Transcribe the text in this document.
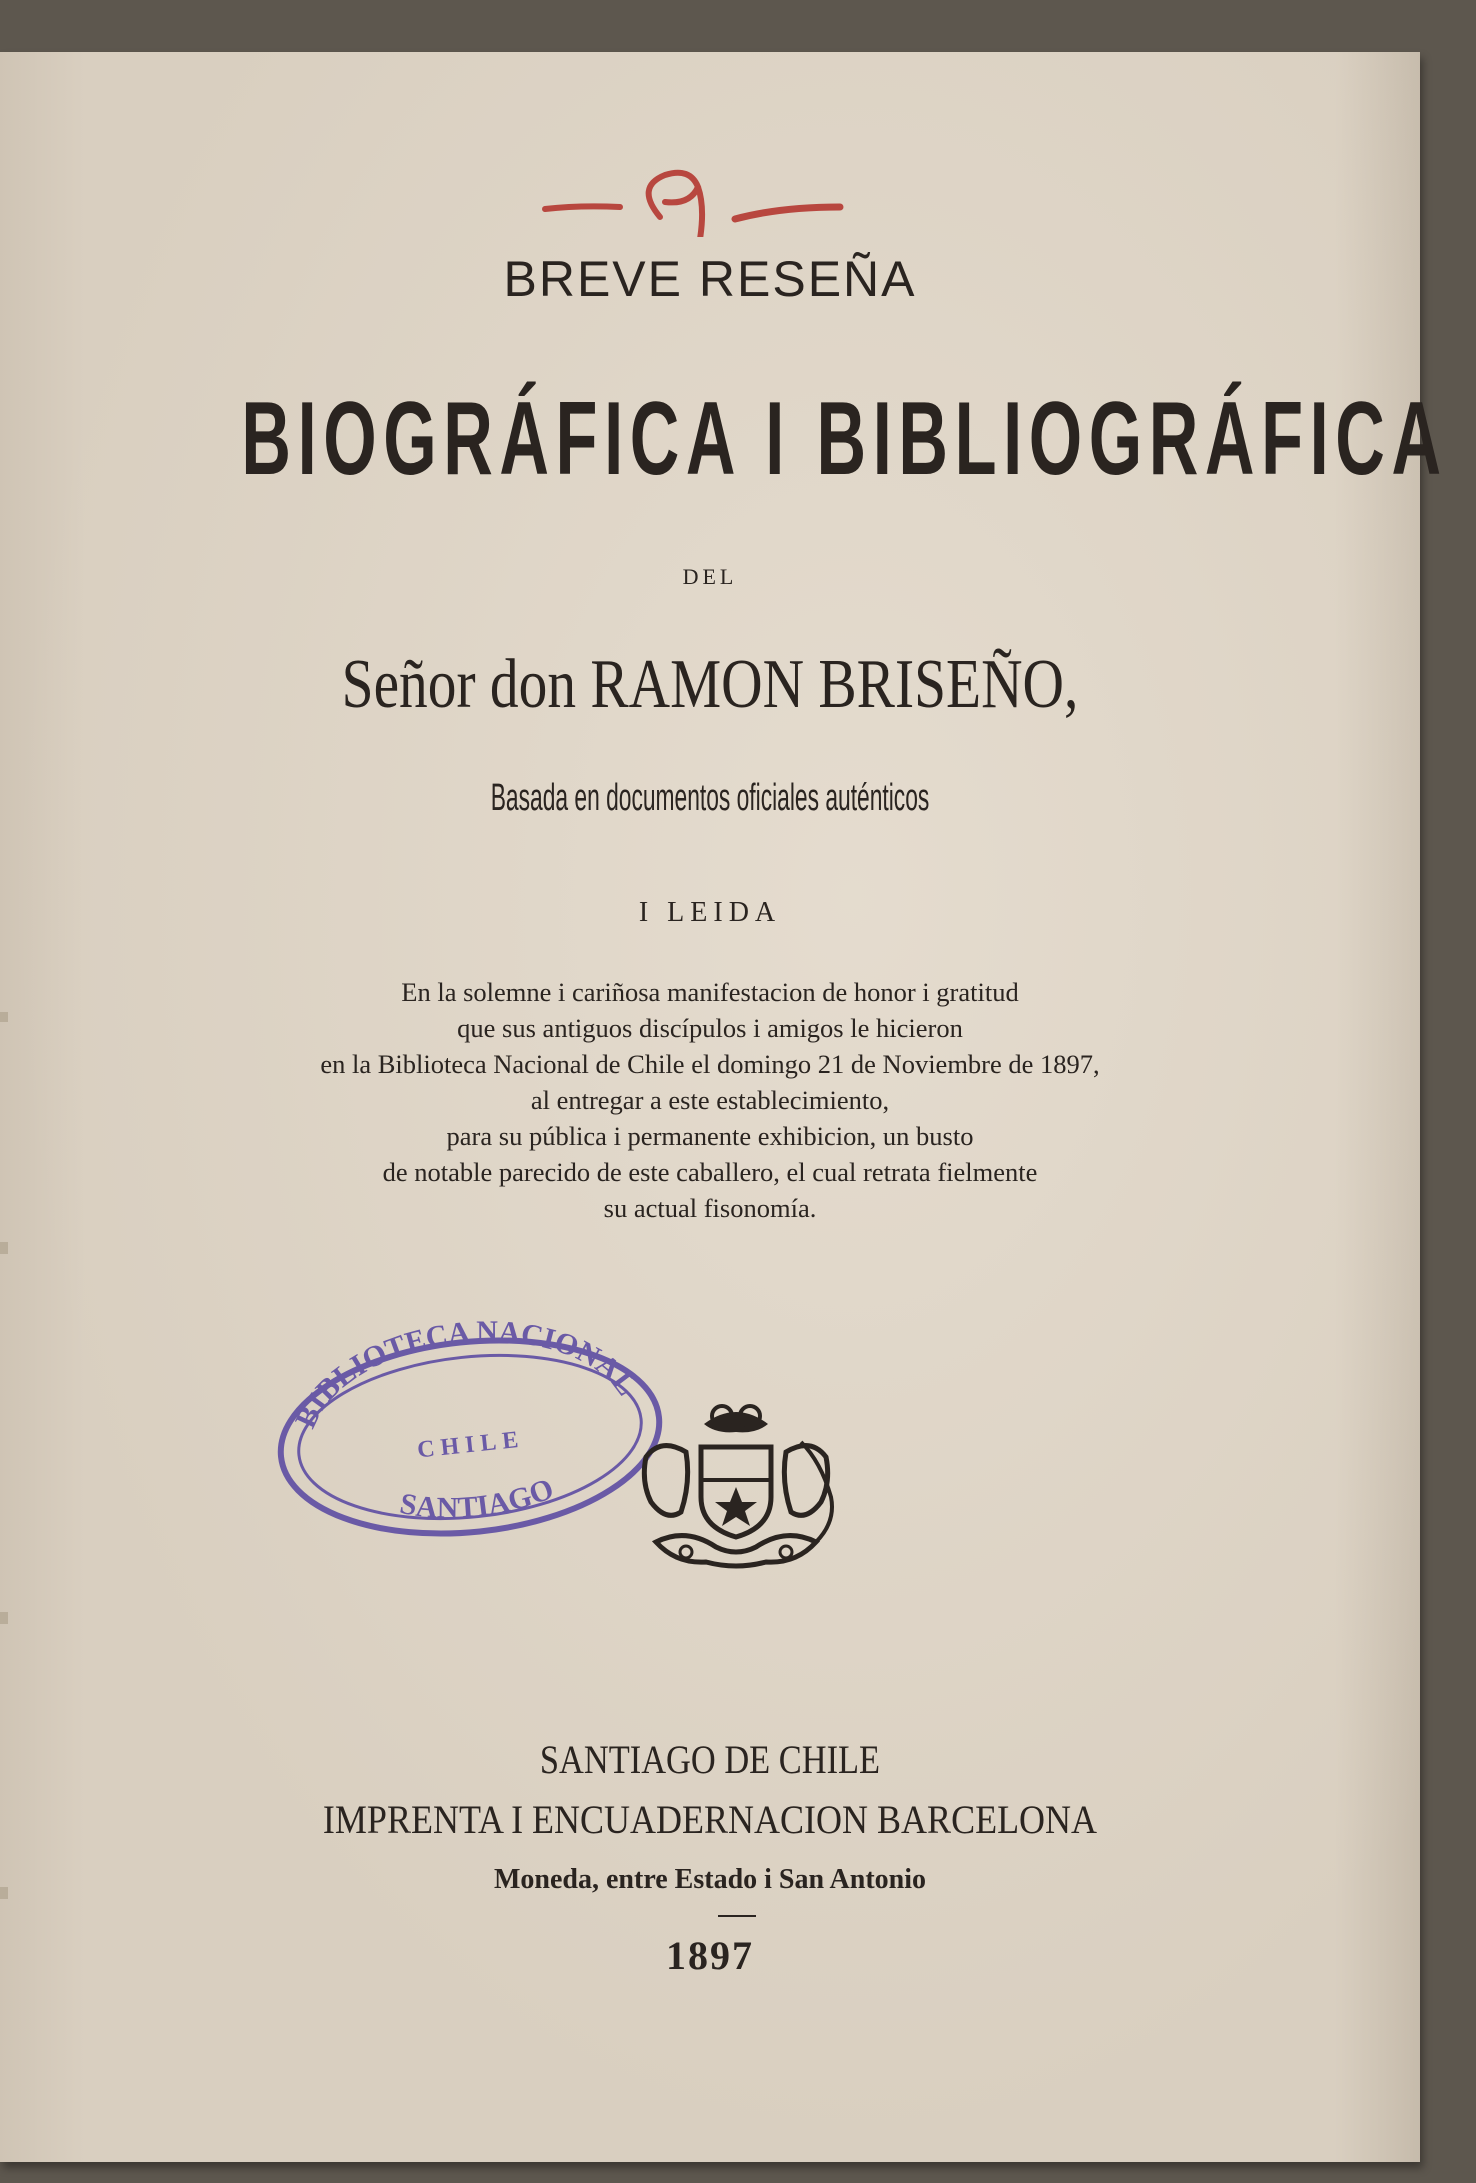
BREVE RESEÑA
BIOGRÁFICA I BIBLIOGRÁFICA
DEL
Señor don RAMON BRISEÑO,
Basada en documentos oficiales auténticos
I LEIDA
En la solemne i cariñosa manifestacion de honor i gratitud
que sus antiguos discípulos i amigos le hicieron
en la Biblioteca Nacional de Chile el domingo 21 de Noviembre de 1897,
al entregar a este establecimiento,
para su pública i permanente exhibicion, un busto
de notable parecido de este caballero, el cual retrata fielmente
su actual fisonomía.
BIBLIOTECA NACIONAL
CHILE
SANTIAGO
SANTIAGO DE CHILE
IMPRENTA I ENCUADERNACION BARCELONA
Moneda, entre Estado i San Antonio
1897
